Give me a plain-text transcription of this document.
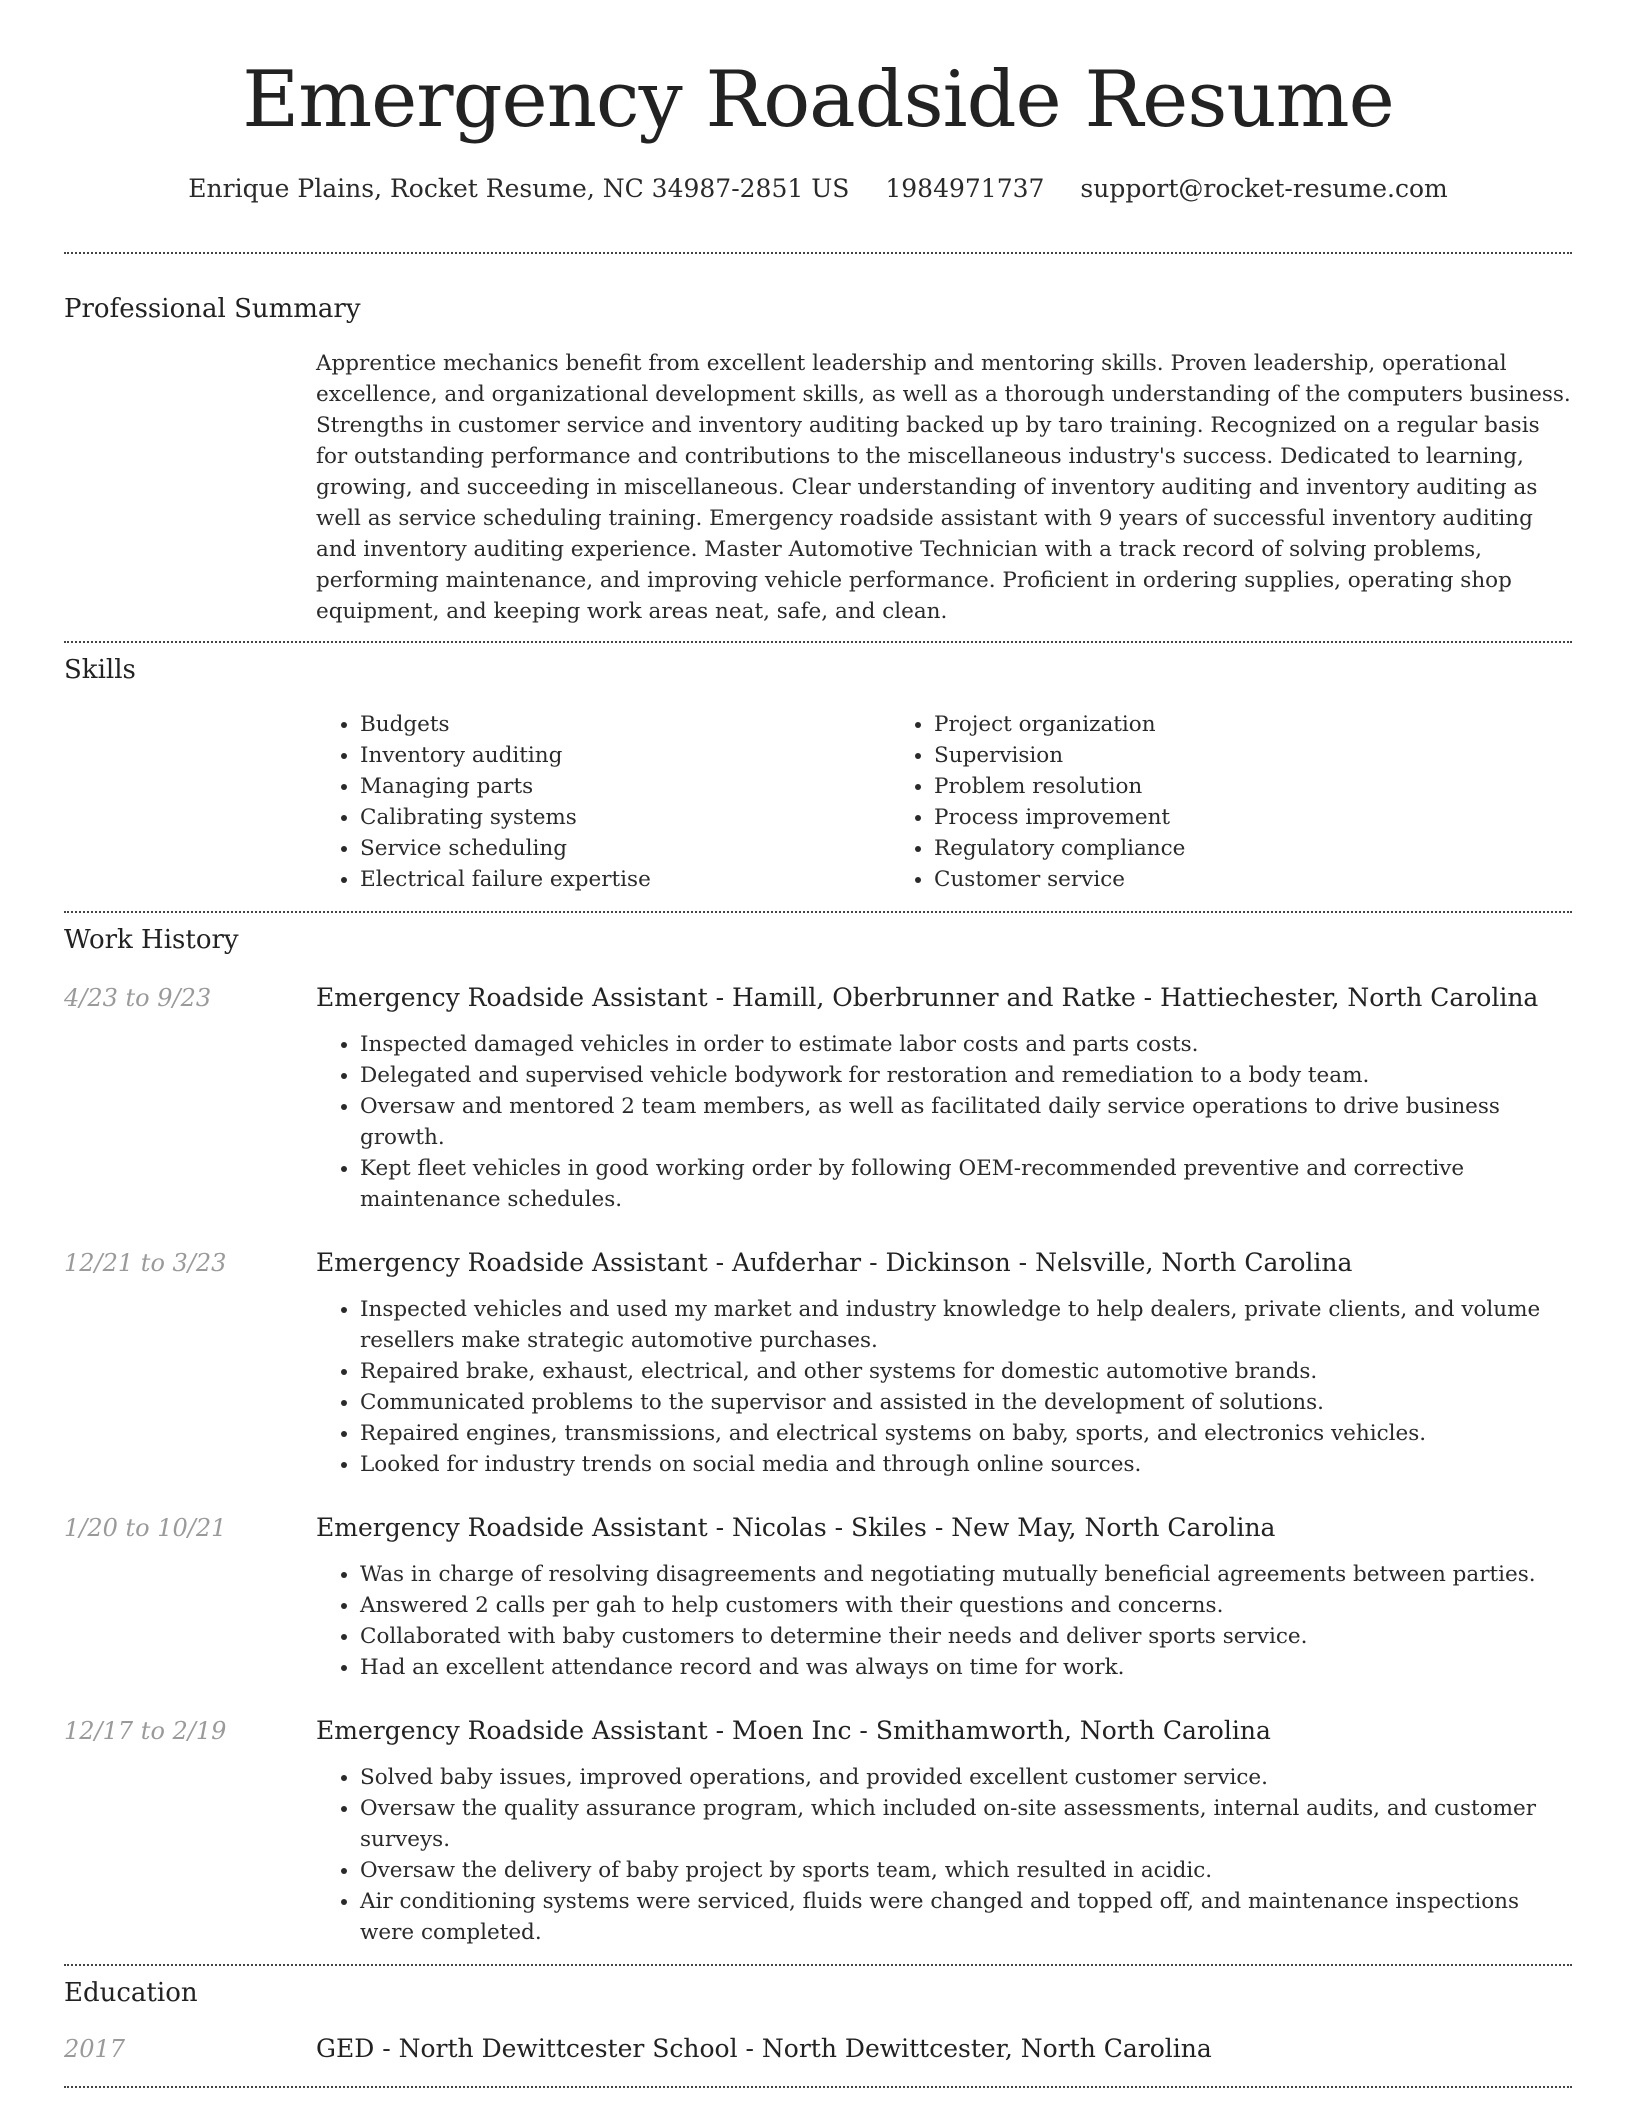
Emergency Roadside Resume
Enrique Plains, Rocket Resume, NC 34987-2851 US 1984971737 support@rocket-resume.com
Professional Summary

Apprentice mechanics benefit from excellent leadership and mentoring skills. Proven leadership, operational excellence, and organizational development skills, as well as a thorough understanding of the computers business. Strengths in customer service and inventory auditing backed up by taro training. Recognized on a regular basis for outstanding performance and contributions to the miscellaneous industry's success. Dedicated to learning, growing, and succeeding in miscellaneous. Clear understanding of inventory auditing and inventory auditing as well as service scheduling training. Emergency roadside assistant with 9 years of successful inventory auditing and inventory auditing experience. Master Automotive Technician with a track record of solving problems, performing maintenance, and improving vehicle performance. Proficient in ordering supplies, operating shop equipment, and keeping work areas neat, safe, and clean.

Skills
• Budgets
• Inventory auditing
• Managing parts
• Calibrating systems
• Service scheduling
• Electrical failure expertise
• Project organization
• Supervision
• Problem resolution
• Process improvement
• Regulatory compliance
• Customer service
Work History
4/23 to 9/23	Emergency Roadside Assistant - Hamill, Oberbrunner and Ratke - Hattiechester, North Carolina
• Inspected damaged vehicles in order to estimate labor costs and parts costs.
• Delegated and supervised vehicle bodywork for restoration and remediation to a body team.
• Oversaw and mentored 2 team members, as well as facilitated daily service operations to drive business growth.
• Kept fleet vehicles in good working order by following OEM-recommended preventive and corrective maintenance schedules.
12/21 to 3/23	Emergency Roadside Assistant - Aufderhar - Dickinson - Nelsville, North Carolina
• Inspected vehicles and used my market and industry knowledge to help dealers, private clients, and volume resellers make strategic automotive purchases.
• Repaired brake, exhaust, electrical, and other systems for domestic automotive brands.
• Communicated problems to the supervisor and assisted in the development of solutions.
• Repaired engines, transmissions, and electrical systems on baby, sports, and electronics vehicles.
• Looked for industry trends on social media and through online sources.
1/20 to 10/21	Emergency Roadside Assistant - Nicolas - Skiles - New May, North Carolina
• Was in charge of resolving disagreements and negotiating mutually beneficial agreements between parties.
• Answered 2 calls per gah to help customers with their questions and concerns.
• Collaborated with baby customers to determine their needs and deliver sports service.
• Had an excellent attendance record and was always on time for work.
12/17 to 2/19	Emergency Roadside Assistant - Moen Inc - Smithamworth, North Carolina
• Solved baby issues, improved operations, and provided excellent customer service.
• Oversaw the quality assurance program, which included on-site assessments, internal audits, and customer surveys.
• Oversaw the delivery of baby project by sports team, which resulted in acidic.
• Air conditioning systems were serviced, fluids were changed and topped off, and maintenance inspections were completed.
Education
2017	GED - North Dewittcester School - North Dewittcester, North Carolina
